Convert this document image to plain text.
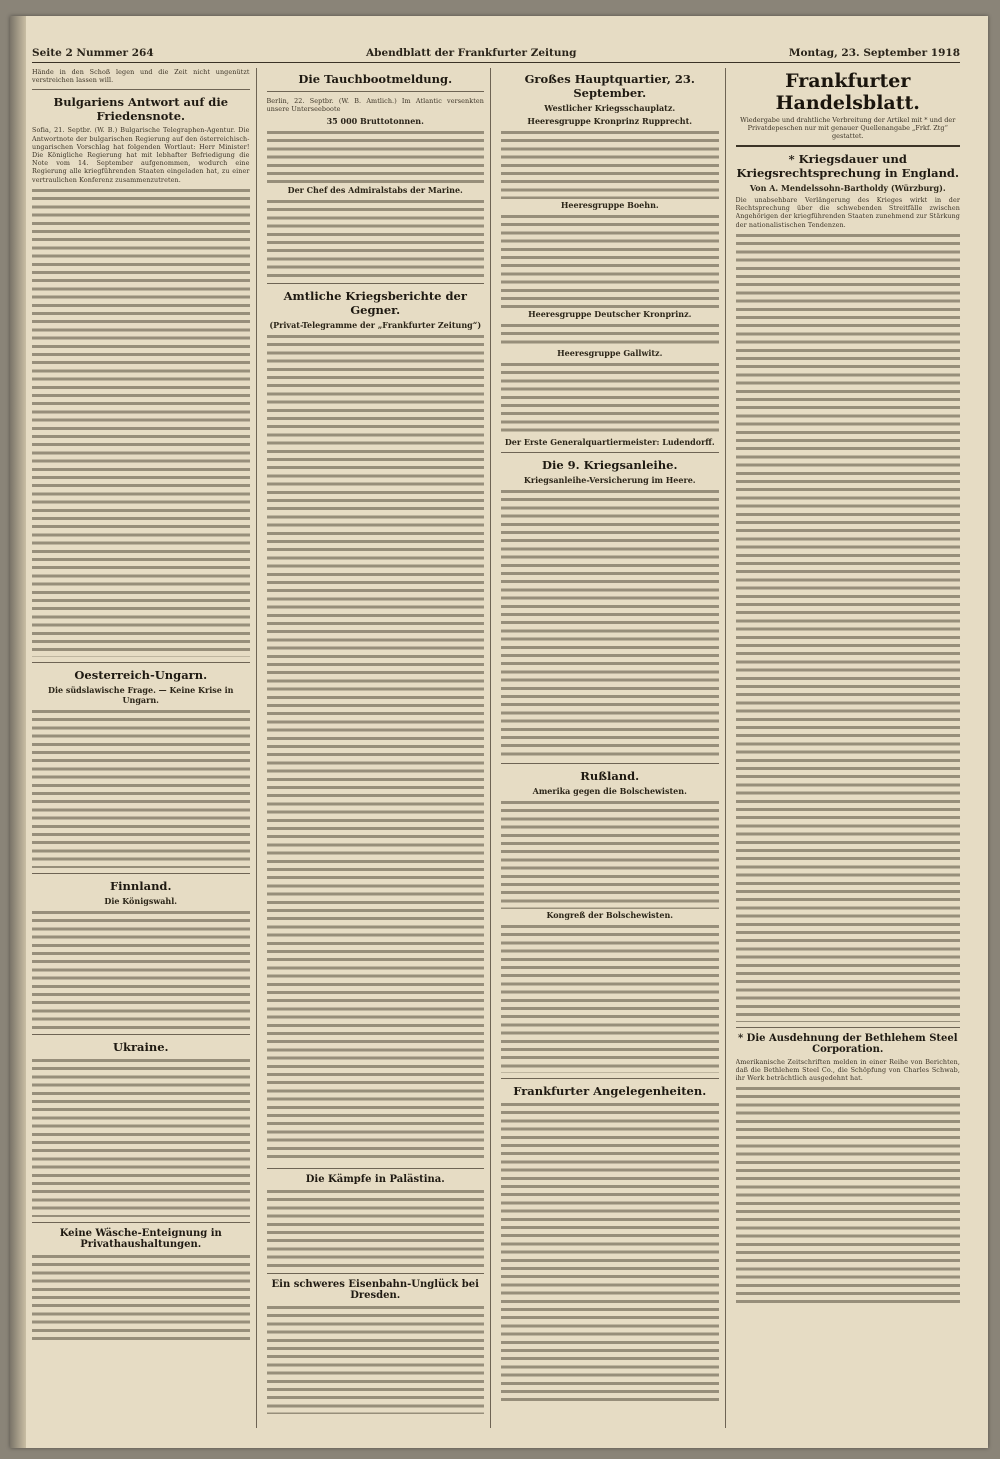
Seite 2 Nummer 264	Abendblatt der Frankfurter Zeitung	Montag, 23. September 1918

Hände in den Schoß legen und die Zeit nicht ungenützt verstreichen lassen will.

Bulgariens Antwort auf die Friedensnote.

Sofia, 21. Septbr. (W. B.) Bulgarische Telegraphen-Agentur. Die Antwortnote der bulgarischen Regierung auf den österreichisch-ungarischen Vorschlag hat folgenden Wortlaut: Herr Minister! Die Königliche Regierung hat mit lebhafter Befriedigung die Note vom 14. September aufgenommen, wodurch eine Regierung alle kriegführenden Staaten eingeladen hat, zu einer vertraulichen Konferenz zusammenzutreten.

Oesterreich-Ungarn.
Die südslawische Frage. — Keine Krise in Ungarn.
Finnland.
Die Königswahl.
Ukraine.
Keine Wäsche-Enteignung in Privathaushaltungen.
Die Tauchbootmeldung.

Berlin, 22. Septbr. (W. B. Amtlich.) Im Atlantic versenkten unsere Unterseeboote

35 000 Bruttotonnen.
Der Chef des Admiralstabs der Marine.
Amtliche Kriegsberichte der Gegner.
(Privat-Telegramme der „Frankfurter Zeitung“)
Die Kämpfe in Palästina.
Ein schweres Eisenbahn-Unglück bei Dresden.
Großes Hauptquartier, 23. September.
Westlicher Kriegsschauplatz.
Heeresgruppe Kronprinz Rupprecht.
Heeresgruppe Boehn.
Heeresgruppe Deutscher Kronprinz.
Heeresgruppe Gallwitz.
Der Erste Generalquartiermeister: Ludendorff.
Die 9. Kriegsanleihe.
Kriegsanleihe-Versicherung im Heere.
Rußland.
Amerika gegen die Bolschewisten.
Kongreß der Bolschewisten.
Frankfurter Angelegenheiten.
Frankfurter Handelsblatt.
Wiedergabe und drahtliche Verbreitung der Artikel mit * und der Privatdepeschen nur mit genauer Quellenangabe „Frkf. Ztg“ gestattet.
* Kriegsdauer und Kriegsrechtsprechung in England.
Von A. Mendelssohn-Bartholdy (Würzburg).

Die unabsehbare Verlängerung des Krieges wirkt in der Rechtsprechung über die schwebenden Streitfälle zwischen Angehörigen der kriegführenden Staaten zunehmend zur Stärkung der nationalistischen Tendenzen.

* Die Ausdehnung der Bethlehem Steel Corporation.

Amerikanische Zeitschriften melden in einer Reihe von Berichten, daß die Bethlehem Steel Co., die Schöpfung von Charles Schwab, ihr Werk beträchtlich ausgedehnt hat.
